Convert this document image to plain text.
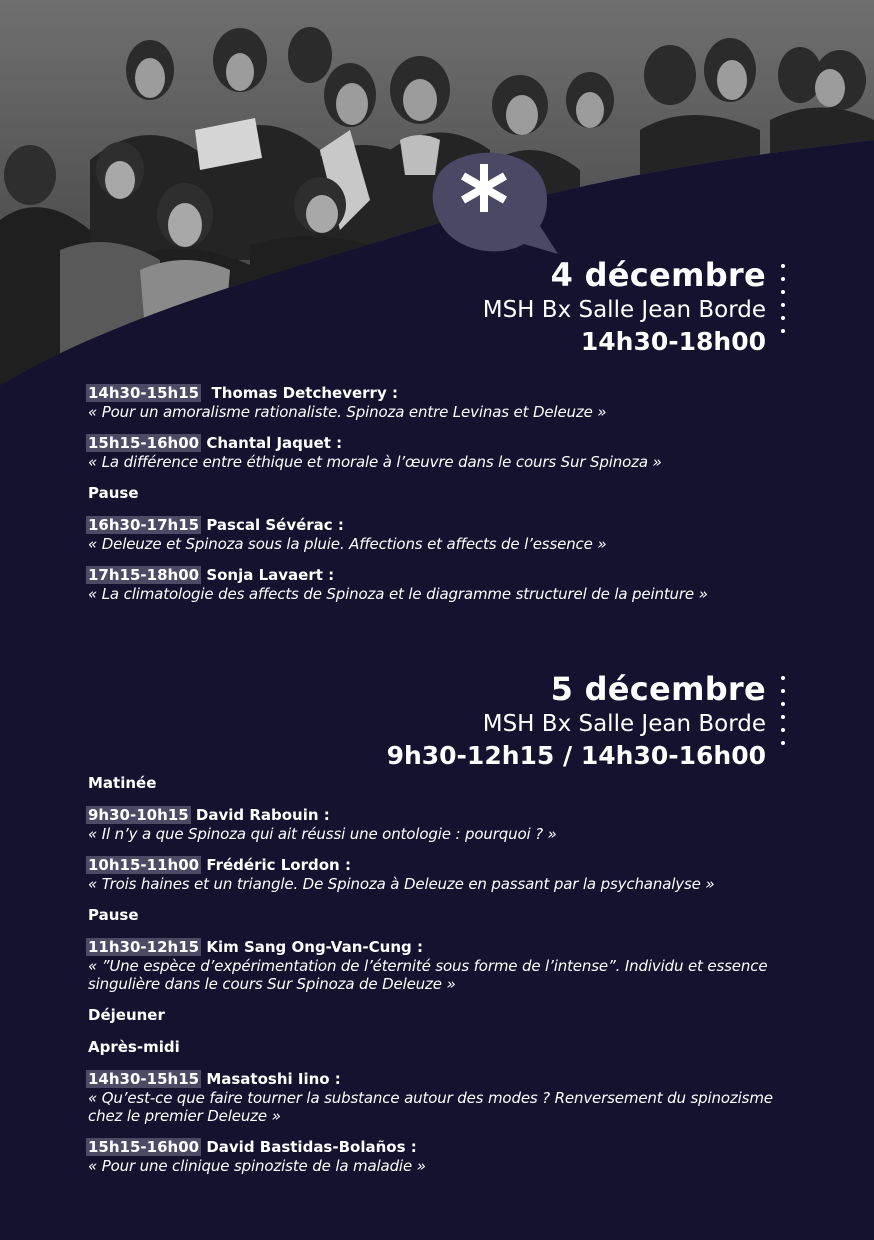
4 décembre
MSH Bx Salle Jean Borde
14h30-18h00
14h30-15h15 Thomas Detcheverry :
« Pour un amoralisme rationaliste. Spinoza entre Levinas et Deleuze »
15h15-16h00 Chantal Jaquet :
« La différence entre éthique et morale à l’œuvre dans le cours Sur Spinoza »
Pause
16h30-17h15 Pascal Sévérac :
« Deleuze et Spinoza sous la pluie. Affections et affects de l’essence »
17h15-18h00 Sonja Lavaert :
« La climatologie des affects de Spinoza et le diagramme structurel de la peinture »
5 décembre
MSH Bx Salle Jean Borde
9h30-12h15 / 14h30-16h00
Matinée
9h30-10h15 David Rabouin :
« Il n’y a que Spinoza qui ait réussi une ontologie : pourquoi ? »
10h15-11h00 Frédéric Lordon :
« Trois haines et un triangle. De Spinoza à Deleuze en passant par la psychanalyse »
Pause
11h30-12h15 Kim Sang Ong-Van-Cung :
« ”Une espèce d’expérimentation de l’éternité sous forme de l’intense”. Individu et essence singulière dans le cours Sur Spinoza de Deleuze »
Déjeuner
Après-midi
14h30-15h15 Masatoshi Iino :
« Qu’est-ce que faire tourner la substance autour des modes ? Renversement du spinozisme chez le premier Deleuze »
15h15-16h00 David Bastidas-Bolaños :
« Pour une clinique spinoziste de la maladie »
